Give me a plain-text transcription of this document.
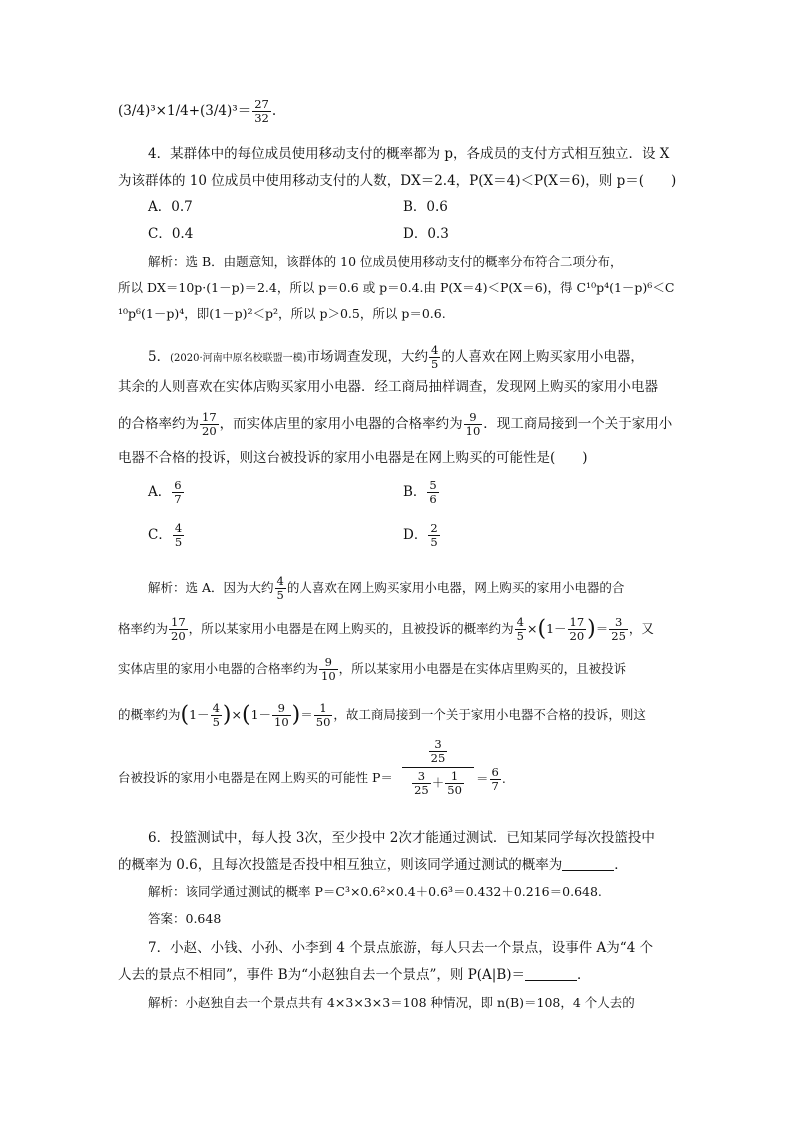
$(3/4)^3\times 1/4+(3/4)^3= \frac{27}{32}$ .
4．某群体中的每位成员使用移动支付的概率都为 p，各成员的支付方式相互独立．设 X
为该群体的 10 位成员中使用移动支付的人数，DX＝2.4，P(X＝4)＜P(X＝6)，则 p＝(　　)
A．0.7	B．0.6
C．0.4	D．0.3
解析：选 B．由题意知，该群体的 10 位成员使用移动支付的概率分布符合二项分布，
所以 DX＝10p·(1－p)＝2.4，所以 p＝0.6 或 p＝0.4.由 P(X＝4)＜P(X＝6)，得 C¹⁰p⁴(1－p)⁶＜C
¹⁰p⁶(1－p)⁴，即(1－p)²＜p²，所以 p＞0.5，所以 p＝0.6.
5．(2020·河南中原名校联盟一模)市场调查发现，大约 $\frac{4}{5}$ 的人喜欢在网上购买家用小电器，
其余的人则喜欢在实体店购买家用小电器．经工商局抽样调查，发现网上购买的家用小电器
的合格率约为 $\frac{17}{20}$ ，而实体店里的家用小电器的合格率约为 $\frac{9}{10}$ ．现工商局接到一个关于家用小
电器不合格的投诉，则这台被投诉的家用小电器是在网上购买的可能性是(　　)
A． $\frac{6}{7}$	B． $\frac{5}{6}$
C． $\frac{4}{5}$	D． $\frac{2}{5}$
解析：选 A．因为大约 $\frac{4}{5}$ 的人喜欢在网上购买家用小电器，网上购买的家用小电器的合
格率约为 $\frac{17}{20}$ ，所以某家用小电器是在网上购买的，且被投诉的概率约为 $\frac{4}{5} \times(1- \frac{17}{20}$ )＝ $\frac{3}{25}$ ，又
实体店里的家用小电器的合格率约为 $\frac{9}{10}$ ，所以某家用小电器是在实体店里购买的，且被投诉
的概率约为$(1- \frac{4}{5} )\times(1- \frac{9}{10}$ )＝ $\frac{1}{50}$ ，故工商局接到一个关于家用小电器不合格的投诉，则这
台被投诉的家用小电器是在网上购买的可能性 P＝
$\frac{3}{25}$
$\frac{3}{25} + \frac{1}{50} = \frac{6}{7}$ .
6．投篮测试中，每人投 3次，至少投中 2次才能通过测试．已知某同学每次投篮投中
的概率为 0.6，且每次投篮是否投中相互独立，则该同学通过测试的概率为	．
解析：该同学通过测试的概率 P＝C³×0.6²×0.4＋0.6³＝0.432＋0.216＝0.648.
答案：0.648
7．小赵、小钱、小孙、小李到 4 个景点旅游，每人只去一个景点，设事件 A为“4 个
人去的景点不相同”，事件 B为“小赵独自去一个景点”，则 P(A|B)＝	．
解析：小赵独自去一个景点共有 4×3×3×3＝108 种情况，即 n(B)＝108，4 个人去的
